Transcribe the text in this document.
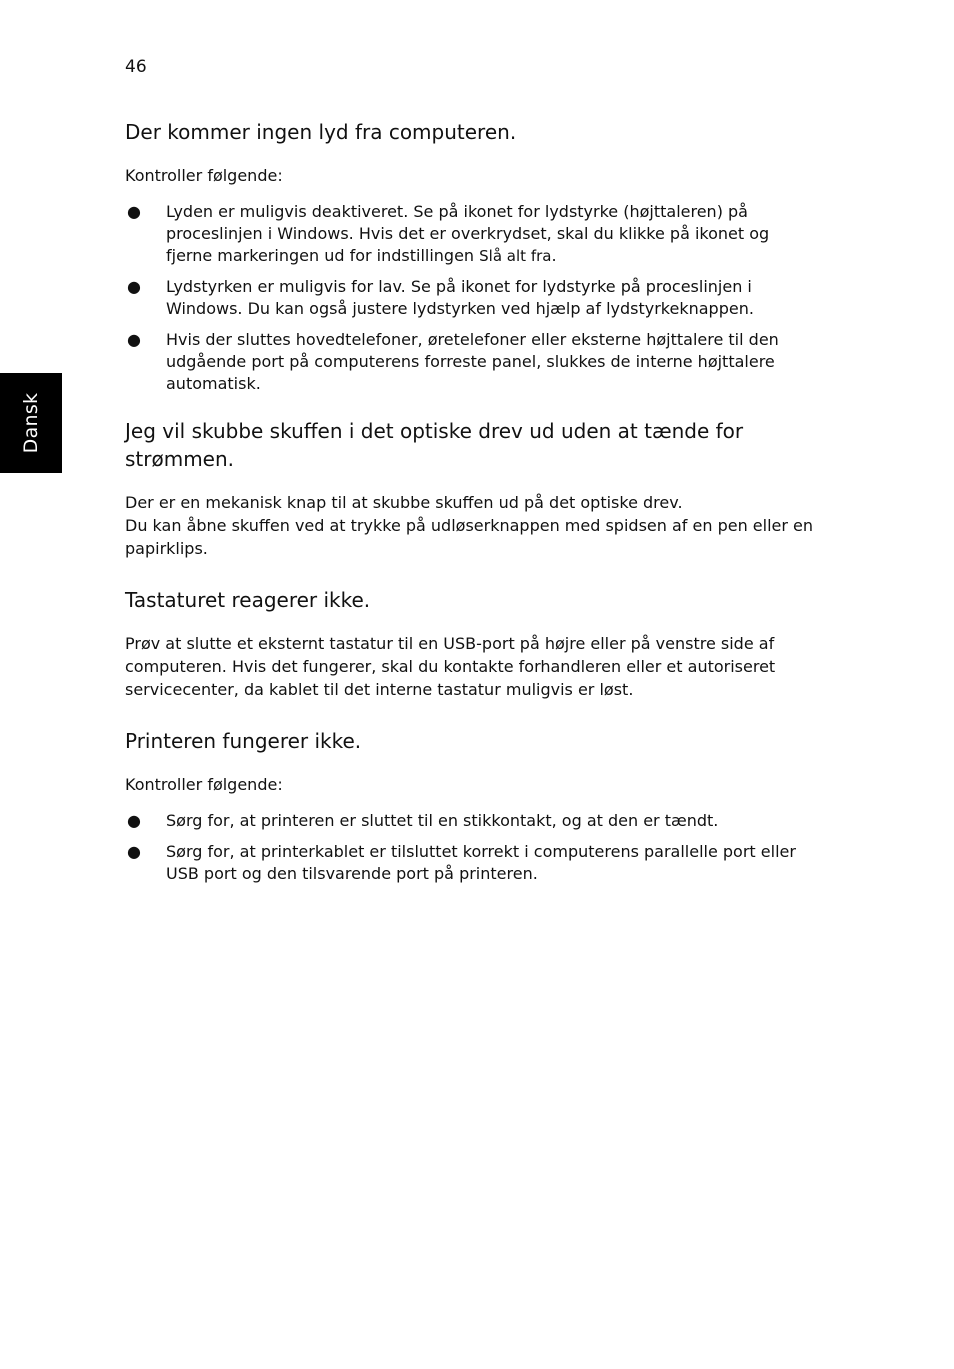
46
Dansk
Der kommer ingen lyd fra computeren.

Kontroller følgende:

● Lyden er muligvis deaktiveret. Se på ikonet for lydstyrke (højttaleren) på proceslinjen i Windows. Hvis det er overkrydset, skal du klikke på ikonet og fjerne markeringen ud for indstillingen Slå alt fra.
● Lydstyrken er muligvis for lav. Se på ikonet for lydstyrke på proceslinjen i Windows. Du kan også justere lydstyrken ved hjælp af lydstyrkeknappen.
● Hvis der sluttes hovedtelefoner, øretelefoner eller eksterne højttalere til den udgående port på computerens forreste panel, slukkes de interne højttalere automatisk.
Jeg vil skubbe skuffen i det optiske drev ud uden at tænde for strømmen.

Der er en mekanisk knap til at skubbe skuffen ud på det optiske drev.

Du kan åbne skuffen ved at trykke på udløserknappen med spidsen af en pen eller en papirklips.

Tastaturet reagerer ikke.

Prøv at slutte et eksternt tastatur til en USB-port på højre eller på venstre side af computeren. Hvis det fungerer, skal du kontakte forhandleren eller et autoriseret servicecenter, da kablet til det interne tastatur muligvis er løst.

Printeren fungerer ikke.

Kontroller følgende:

● Sørg for, at printeren er sluttet til en stikkontakt, og at den er tændt.
● Sørg for, at printerkablet er tilsluttet korrekt i computerens parallelle port eller USB port og den tilsvarende port på printeren.
